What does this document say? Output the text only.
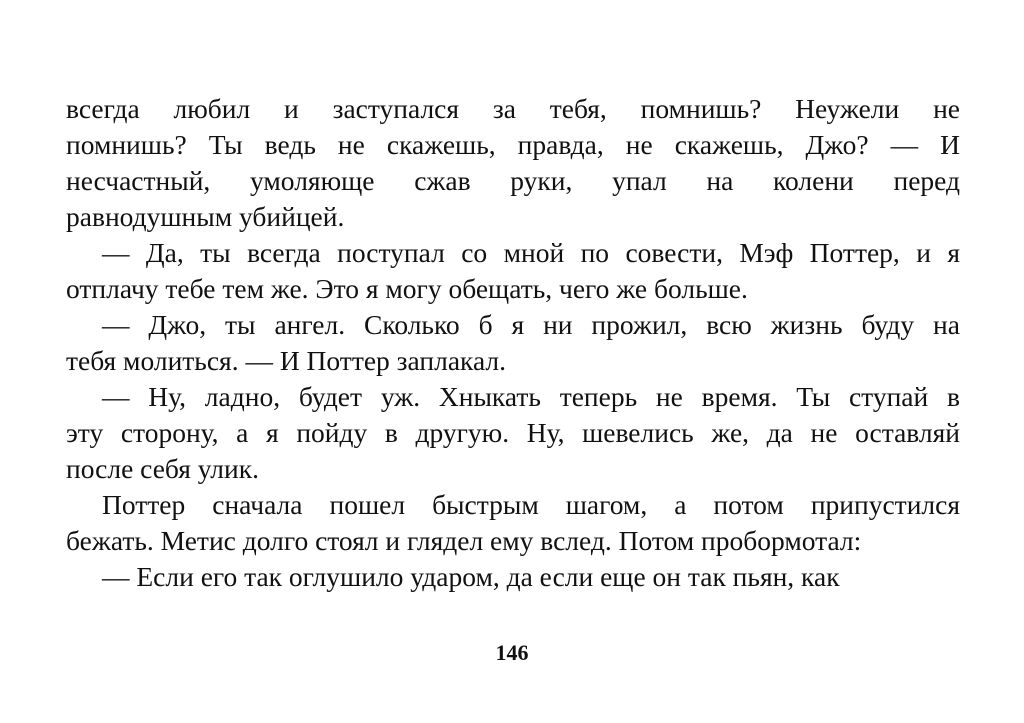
всегда любил и заступался за тебя, помнишь? Неужели не
помнишь? Ты ведь не скажешь, правда, не скажешь, Джо? — И
несчастный, умоляюще сжав руки, упал на колени перед
равнодушным убийцей.
— Да, ты всегда поступал со мной по совести, Мэф Поттер, и я
отплачу тебе тем же. Это я могу обещать, чего же больше.
— Джо, ты ангел. Сколько б я ни прожил, всю жизнь буду на
тебя молиться. — И Поттер заплакал.
— Ну, ладно, будет уж. Хныкать теперь не время. Ты ступай в
эту сторону, а я пойду в другую. Ну, шевелись же, да не оставляй
после себя улик.
Поттер сначала пошел быстрым шагом, а потом припустился
бежать. Метис долго стоял и глядел ему вслед. Потом пробормотал:
— Если его так оглушило ударом, да если еще он так пьян, как
146
